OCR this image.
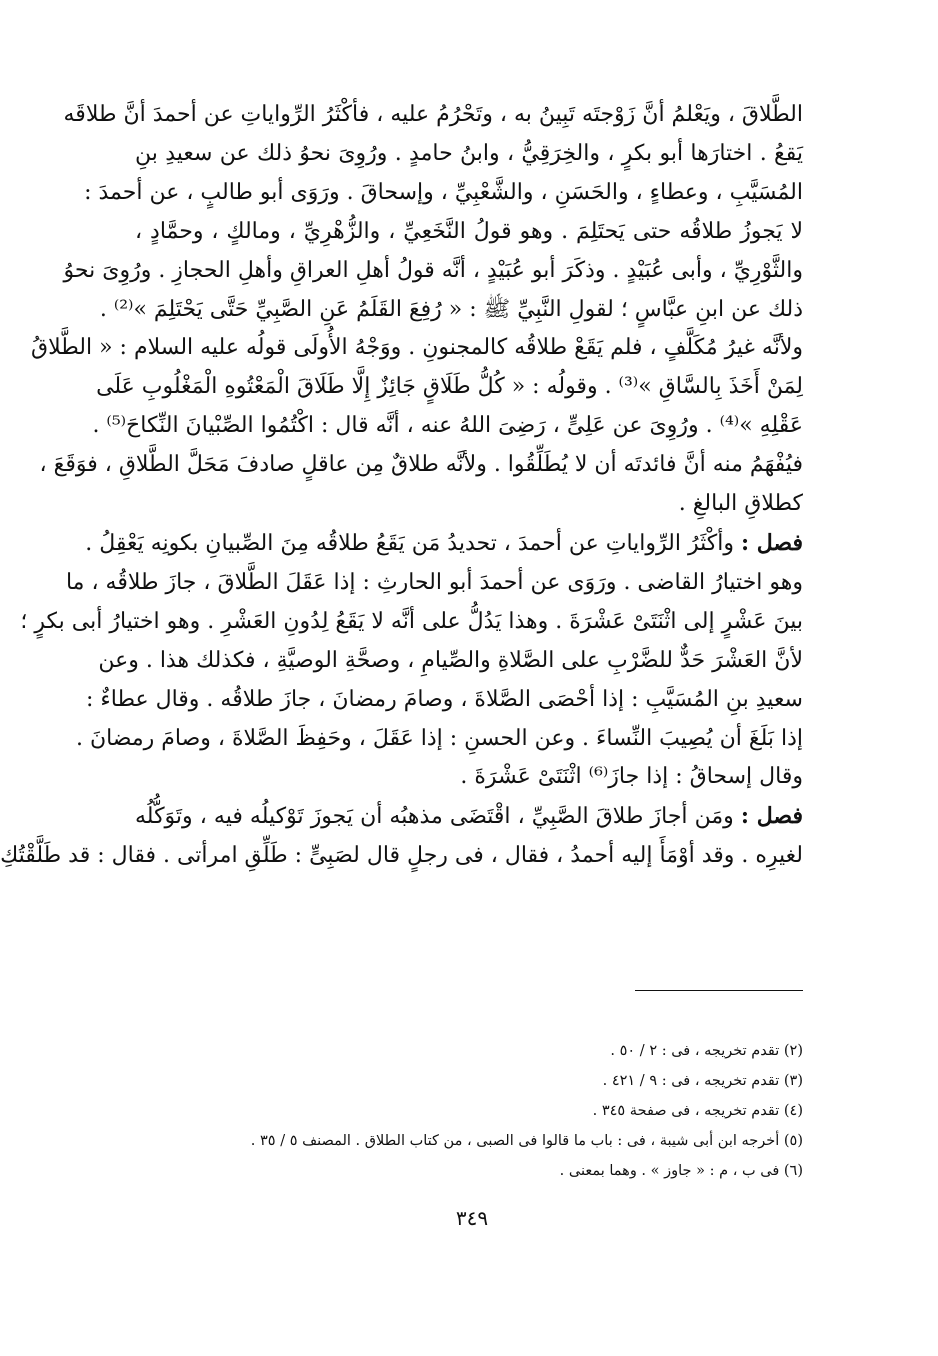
الطَّلاقَ ، ويَعْلمُ أنَّ زَوْجتَه تَبِينُ به ، وتَحْرُمُ عليه ، فأكْثَرُ الرِّواياتِ عن أحمدَ أنَّ طلاقَه
يَقعُ . اختارَها أبو بكرٍ ، والخِرَقِيُّ ، وابنُ حامدٍ . ورُوِىَ نحوُ ذلك عن سعيدِ بنِ
المُسَيَّبِ ، وعطاءٍ ، والحَسَنِ ، والشَّعْبِيِّ ، وإسحاقَ . ورَوَى أبو طالبٍ ، عن أحمدَ :
لا يَجوزُ طلاقُه حتى يَحتَلِمَ . وهو قولُ النَّخَعِيِّ ، والزُّهْرِيِّ ، ومالكٍ ، وحمَّادٍ ،
والثَّوْرِيِّ ، وأبى عُبَيْدٍ . وذكَرَ أبو عُبَيْدٍ ، أنَّه قولُ أهلِ العراقِ وأهلِ الحجازِ . ورُوِىَ نحوُ
ذلك عن ابنِ عبَّاسٍ ؛ لقولِ النَّبِيِّ ﷺ : « رُفِعَ القَلَمُ عَنِ الصَّبِيِّ حَتَّى يَحْتَلِمَ »⁽²⁾ .
ولأنَّه غيرُ مُكَلَّفٍ ، فلم يَقَعْ طلاقُه كالمجنونِ . ووَجْهُ الأُولَى قولُه عليه السلام : « الطَّلاقُ
لِمَنْ أَخَذَ بِالسَّاقِ »⁽³⁾ . وقولُه : « كُلُّ طَلَاقٍ جَائِزٌ إِلَّا طَلَاقَ الْمَعْتُوهِ الْمَغْلُوبِ عَلَى
عَقْلِهِ »⁽⁴⁾ . ورُوِىَ عن عَلِىٍّ ، رَضِىَ اللهُ عنه ، أنَّه قال : اكْتُمُوا الصِّبْيانَ النِّكاحَ⁽⁵⁾ .
فيُفْهَمُ منه أنَّ فائدتَه أن لا يُطَلِّقُوا . ولأنَّه طلاقٌ مِن عاقلٍ صادفَ مَحَلَّ الطَّلاقِ ، فوَقَعَ ،
كطلاقِ البالغِ .
فصل : وأكْثَرُ الرِّواياتِ عن أحمدَ ، تحديدُ مَن يَقَعُ طلاقُه مِنَ الصِّبيانِ بكونِه يَعْقِلُ .
وهو اختيارُ القاضى . ورَوَى عن أحمدَ أبو الحارثِ : إذا عَقَلَ الطَّلاقَ ، جازَ طلاقُه ، ما
بينَ عَشْرٍ إلى اثْنَتَىْ عَشْرَةَ . وهذا يَدُلُّ على أنَّه لا يَقَعُ لِدُونِ العَشْرِ . وهو اختيارُ أبى بكرٍ ؛
لأنَّ العَشْرَ حَدٌّ للضَّرْبِ على الصَّلاةِ والصِّيامِ ، وصحَّةِ الوصيَّةِ ، فكذلك هذا . وعن
سعيدِ بنِ المُسَيَّبِ : إذا أحْصَى الصَّلاةَ ، وصامَ رمضانَ ، جازَ طلاقُه . وقال عطاءٌ :
إذا بَلَغَ أن يُصِيبَ النِّساءَ . وعن الحسنِ : إذا عَقَلَ ، وحَفِظَ الصَّلاةَ ، وصامَ رمضانَ .
وقال إسحاقُ : إذا جازَ⁽⁶⁾ اثْنَتَىْ عَشْرَةَ .
فصل : ومَن أجازَ طلاقَ الصَّبِيِّ ، اقْتَضَى مذهبُه أن يَجوزَ تَوْكيلُه فيه ، وتَوَكُّلُه
لغيرِه . وقد أوْمَأَ إليه أحمدُ ، فقال ، فى رجلٍ قال لصَبِىٍّ : طَلِّقِ امرأتى . فقال : قد طَلَّقْتُكِ
(٢) تقدم تخريجه ، فى : ٢ / ٥٠ .
(٣) تقدم تخريجه ، فى : ٩ / ٤٢١ .
(٤) تقدم تخريجه ، فى صفحة ٣٤٥ .
(٥) أخرجه ابن أبى شيبة ، فى : باب ما قالوا فى الصبى ، من كتاب الطلاق . المصنف ٥ / ٣٥ .
(٦) فى ب ، م : « جاوز » . وهما بمعنى .
٣٤٩
